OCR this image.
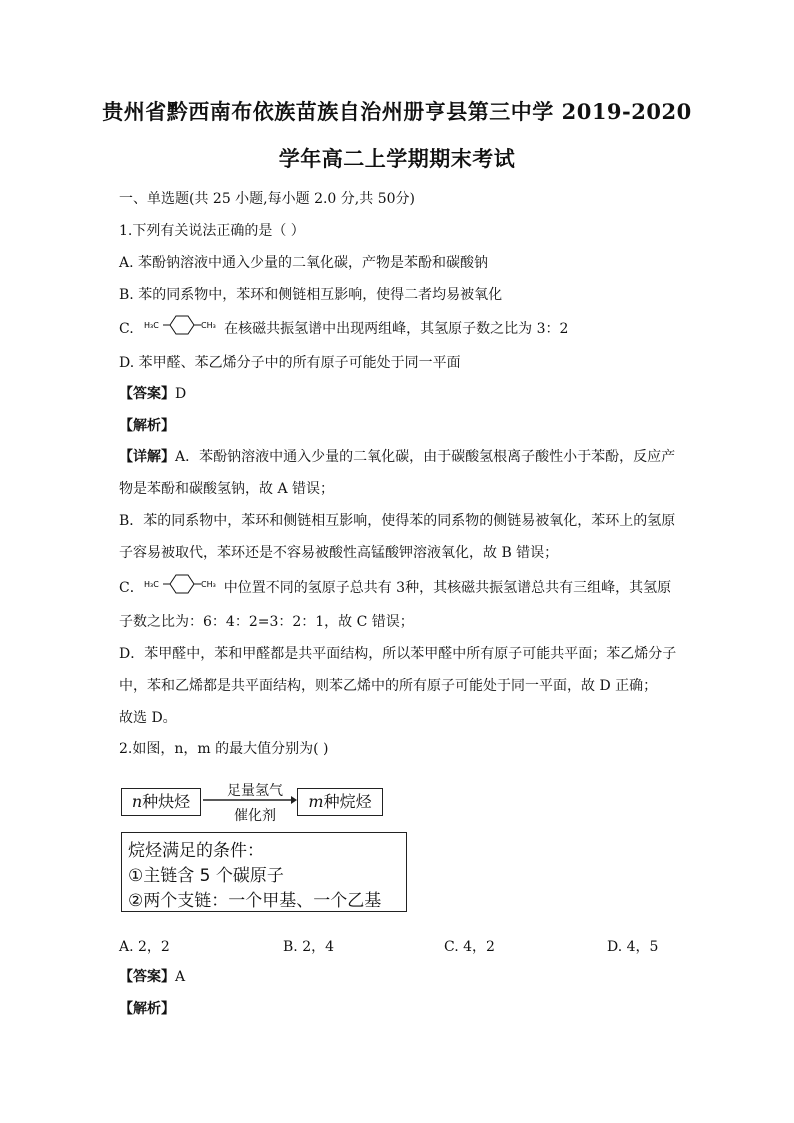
贵州省黔西南布依族苗族自治州册亨县第三中学 2019-2020
学年高二上学期期末考试
一、单选题(共 25 小题,每小题 2.0 分,共 50分)
1.下列有关说法正确的是（ ）
A. 苯酚钠溶液中通入少量的二氧化碳，产物是苯酚和碳酸钠
B. 苯的同系物中，苯环和侧链相互影响，使得二者均易被氧化
C. H₃C	CH₃ 在核磁共振氢谱中出现两组峰，其氢原子数之比为 3：2
D. 苯甲醛、苯乙烯分子中的所有原子可能处于同一平面
【答案】D
【解析】
【详解】A．苯酚钠溶液中通入少量的二氧化碳，由于碳酸氢根离子酸性小于苯酚，反应产
物是苯酚和碳酸氢钠，故 A 错误；
B．苯的同系物中，苯环和侧链相互影响，使得苯的同系物的侧链易被氧化，苯环上的氢原
子容易被取代，苯环还是不容易被酸性高锰酸钾溶液氧化，故 B 错误；
C． H₃C	CH₃ 中位置不同的氢原子总共有 3种，其核磁共振氢谱总共有三组峰，其氢原
子数之比为：6：4：2=3：2：1，故 C 错误；
D．苯甲醛中，苯和甲醛都是共平面结构，所以苯甲醛中所有原子可能共平面；苯乙烯分子
中，苯和乙烯都是共平面结构，则苯乙烯中的所有原子可能处于同一平面，故 D 正确；
故选 D。
2.如图，n，m 的最大值分别为( )
n种炔烃
足量氢气
催化剂
m种烷烃
烷烃满足的条件：
①主链含 5 个碳原子
②两个支链：一个甲基、一个乙基
A. 2，2	B. 2，4	C. 4，2	D. 4，5
【答案】A
【解析】
